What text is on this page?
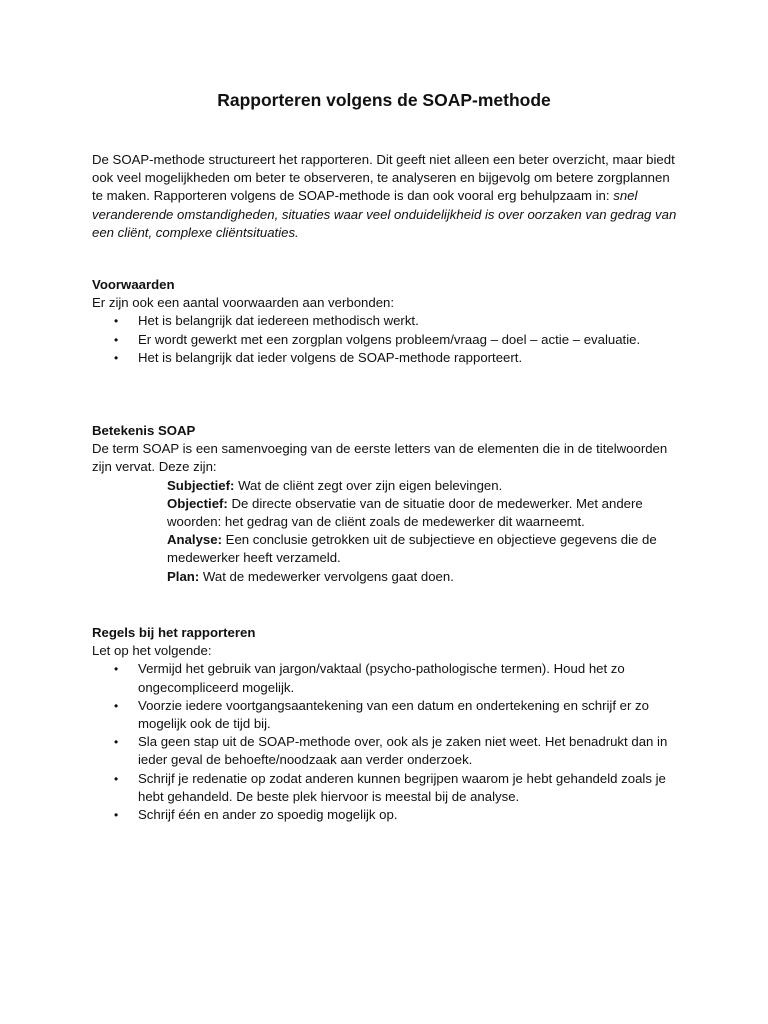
Rapporteren volgens de SOAP-methode
De SOAP-methode structureert het rapporteren. Dit geeft niet alleen een beter overzicht, maar biedt ook veel mogelijkheden om beter te observeren, te analyseren en bijgevolg om betere zorgplannen te maken. Rapporteren volgens de SOAP-methode is dan ook vooral erg behulpzaam in: snel veranderende omstandigheden, situaties waar veel onduidelijkheid is over oorzaken van gedrag van een cliënt, complexe cliëntsituaties.
Voorwaarden
Er zijn ook een aantal voorwaarden aan verbonden:
• Het is belangrijk dat iedereen methodisch werkt.
• Er wordt gewerkt met een zorgplan volgens probleem/vraag – doel – actie – evaluatie.
• Het is belangrijk dat ieder volgens de SOAP-methode rapporteert.
Betekenis SOAP
De term SOAP is een samenvoeging van de eerste letters van de elementen die in de titelwoorden zijn vervat. Deze zijn:
Subjectief: Wat de cliënt zegt over zijn eigen belevingen.
Objectief: De directe observatie van de situatie door de medewerker. Met andere woorden: het gedrag van de cliënt zoals de medewerker dit waarneemt.
Analyse: Een conclusie getrokken uit de subjectieve en objectieve gegevens die de medewerker heeft verzameld.
Plan: Wat de medewerker vervolgens gaat doen.
Regels bij het rapporteren
Let op het volgende:
• Vermijd het gebruik van jargon/vaktaal (psycho-pathologische termen). Houd het zo ongecompliceerd mogelijk.
• Voorzie iedere voortgangsaantekening van een datum en ondertekening en schrijf er zo mogelijk ook de tijd bij.
• Sla geen stap uit de SOAP-methode over, ook als je zaken niet weet. Het benadrukt dan in ieder geval de behoefte/noodzaak aan verder onderzoek.
• Schrijf je redenatie op zodat anderen kunnen begrijpen waarom je hebt gehandeld zoals je hebt gehandeld. De beste plek hiervoor is meestal bij de analyse.
• Schrijf één en ander zo spoedig mogelijk op.
